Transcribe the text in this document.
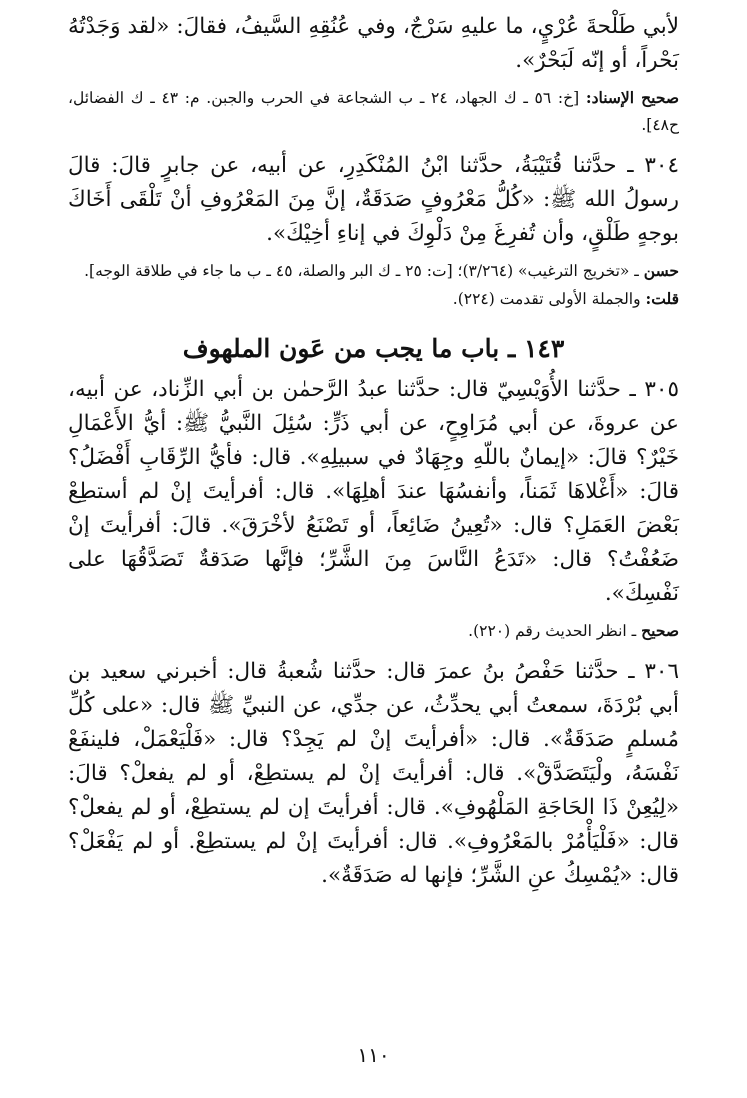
لأبي طَلْحةَ عُرْيٍ، ما عليهِ سَرْجٌ، وفي عُنُقِهِ السَّيفُ، فقالَ: «لقد وَجَدْتُهُ بَحْراً، أو إنّه لَبَحْرٌ».

صحيح الإسناد: [خ: ٥٦ ـ ك الجهاد، ٢٤ ـ ب الشجاعة في الحرب والجبن. م: ٤٣ ـ ك الفضائل، ح٤٨].

٣٠٤ ـ حدَّثنا قُتَيْبَةُ، حدَّثنا ابْنُ المُنْكَدِرِ، عن أبيه، عن جابرٍ قالَ: قالَ رسولُ الله ﷺ: «كُلُّ مَعْرُوفٍ صَدَقَةٌ، إنَّ مِنَ المَعْرُوفِ أنْ تَلْقَى أَخَاكَ بوجهٍ طَلْقٍ، وأن تُفرِغَ مِنْ دَلْوِكَ في إناءِ أخِيْكَ».

حسن ـ «تخريج الترغيب» (٣/٢٦٤)؛ [ت: ٢٥ ـ ك البر والصلة، ٤٥ ـ ب ما جاء في طلاقة الوجه].

قلت: والجملة الأولى تقدمت (٢٢٤).

١٤٣ ـ باب ما يجب من عَون الملهوف

٣٠٥ ـ حدَّثنا الأُوَيْسِيّ قال: حدَّثنا عبدُ الرَّحمٰن بن أبي الزِّناد، عن أبيه، عن عروةَ، عن أبي مُرَاوِحٍ، عن أبي ذَرٍّ: سُئِلَ النَّبيُّ ﷺ: أيُّ الأَعْمَالِ خَيْرٌ؟ قالَ: «إيمانٌ باللّهِ وجِهَادٌ في سبيلِهِ». قال: فأيُّ الرِّقَابِ أَفْضَلُ؟ قالَ: «أَغْلاهَا ثَمَناً، وأنفسُهَا عندَ أهلِهَا». قال: أفرأيتَ إنْ لم أستطِعْ بَعْضَ العَمَلِ؟ قال: «تُعِينُ ضَائِعاً، أو تَصْنَعُ لأخْرَقَ». قالَ: أفرأيتَ إنْ ضَعُفْتُ؟ قال: «تَدَعُ النَّاسَ مِنَ الشَّرِّ؛ فإنَّها صَدَقةٌ تَصَدَّقُهَا على نَفْسِكَ».

صحيح ـ انظر الحديث رقم (٢٢٠).

٣٠٦ ـ حدَّثنا حَفْصُ بنُ عمرَ قال: حدَّثنا شُعبةُ قال: أخبرني سعيد بن أبي بُرْدَةَ، سمعتُ أبي يحدِّثُ، عن جدِّي، عن النبيِّ ﷺ قال: «على كُلِّ مُسلمٍ صَدَقَةٌ». قال: «أفرأيتَ إنْ لم يَجِدْ؟ قال: «فَلْيَعْمَلْ، فلينفَعْ نَفْسَهُ، ولْيَتَصَدَّقْ». قال: أفرأيتَ إنْ لم يستطِعْ، أو لم يفعلْ؟ قالَ: «لِيُعِنْ ذَا الحَاجَةِ المَلْهُوفِ». قال: أفرأيتَ إن لم يستطِعْ، أو لم يفعلْ؟ قال: «فَلْيَأْمُرْ بالمَعْرُوفِ». قال: أفرأيتَ إنْ لم يستطِعْ. أو لم يَفْعَلْ؟ قال: «يُمْسِكُ عنِ الشَّرِّ؛ فإنها له صَدَقَةٌ».

١١٠
